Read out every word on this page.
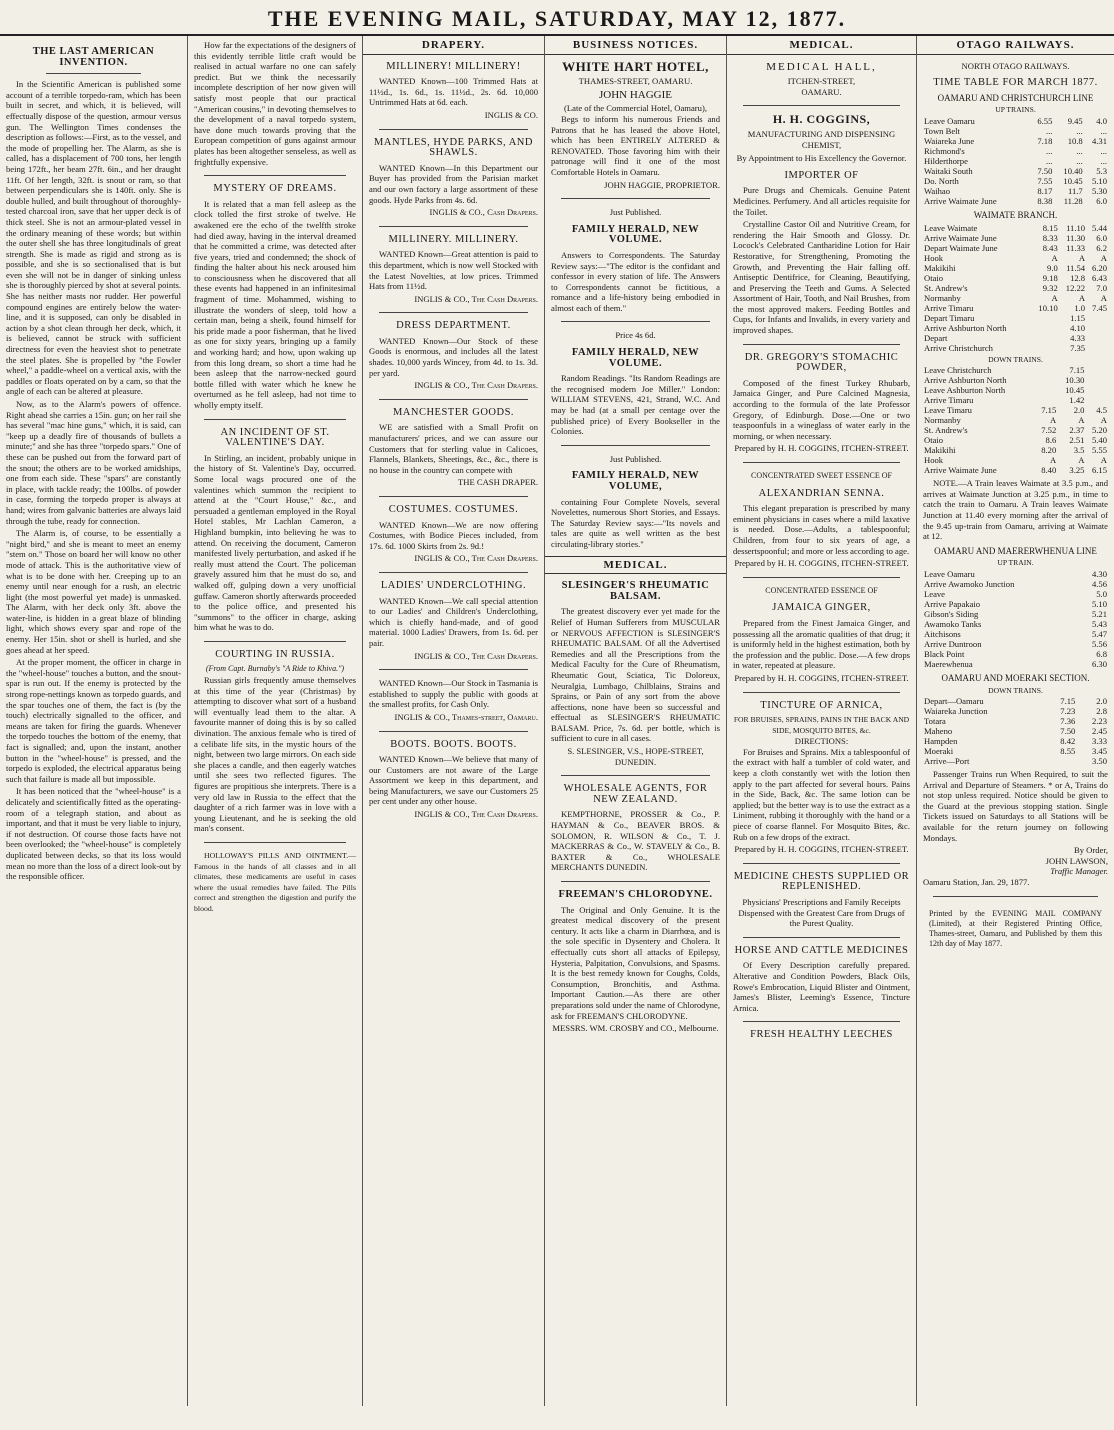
THE EVENING MAIL, SATURDAY, MAY 12, 1877.
THE LAST AMERICAN INVENTION.

In the Scientific American is published some account of a terrible torpedo-ram, which has been built in secret, and which, it is believed, will effectually dispose of the question, armour versus gun. The Wellington Times condenses the description as follows:—First, as to the vessel, and the mode of propelling her. The Alarm, as she is called, has a displacement of 700 tons, her length being 172ft., her beam 27ft. 6in., and her draught 11ft. Of her length, 32ft. is snout or ram, so that between perpendiculars she is 140ft. only. She is double hulled, and built throughout of thoroughly-tested charcoal iron, save that her upper deck is of thick steel. She is not an armour-plated vessel in the ordinary meaning of these words; but within the outer shell she has three longitudinals of great strength. She is made as rigid and strong as is possible, and she is so sectionalised that is but even she will not be in danger of sinking unless she is thoroughly pierced by shot at several points. She has neither masts nor rudder. Her powerful compound engines are entirely below the water-line, and it is supposed, can only be disabled in action by a shot clean through her deck, which, it is believed, cannot be struck with sufficient directness for even the heaviest shot to penetrate the steel plates. She is propelled by "the Fowler wheel," a paddle-wheel on a vertical axis, with the paddles or floats operated on by a cam, so that the angle of each can be altered at pleasure.

Now, as to the Alarm's powers of offence. Right ahead she carries a 15in. gun; on her rail she has several "mac hine guns," which, it is said, can "keep up a deadly fire of thousands of bullets a minute;" and she has three "torpedo spars." One of these can be pushed out from the forward part of the snout; the others are to be worked amidships, one from each side. These "spars" are constantly in place, with tackle ready; the 100lbs. of powder in case, forming the torpedo proper is always at hand; wires from galvanic batteries are always laid through the tube, ready for connection.

The Alarm is, of course, to be essentially a "night bird," and she is meant to meet an enemy "stem on." Those on board her will know no other mode of attack. This is the authoritative view of what is to be done with her. Creeping up to an enemy until near enough for a rush, an electric light (the most powerful yet made) is unmasked. The Alarm, with her deck only 3ft. above the water-line, is hidden in a great blaze of blinding light, which shows every spar and rope of the enemy. Her 15in. shot or shell is hurled, and she goes ahead at her speed.

At the proper moment, the officer in charge in the "wheel-house" touches a button, and the snout-spar is run out. If the enemy is protected by the strong rope-nettings known as torpedo guards, and the spar touches one of them, the fact is (by the touch) electrically signalled to the officer, and means are taken for firing the guards. Whenever the torpedo touches the bottom of the enemy, that fact is signalled; and, upon the instant, another button in the "wheel-house" is pressed, and the torpedo is exploded, the electrical apparatus being such that failure is made all but impossible.

It has been noticed that the "wheel-house" is a delicately and scientifically fitted as the operating-room of a telegraph station, and about as important, and that it must be very liable to injury, if not destruction. Of course those facts have not been overlooked; the "wheel-house" is completely duplicated between decks, so that its loss would mean no more than the loss of a direct look-out by the responsible officer.

How far the expectations of the designers of this evidently terrible little craft would be realised in actual warfare no one can safely predict. But we think the necessarily incomplete description of her now given will satisfy most people that our practical "American cousins," in devoting themselves to the development of a naval torpedo system, have done much towards proving that the European competition of guns against armour plates has been altogether senseless, as well as frightfully expensive.

MYSTERY OF DREAMS.

It is related that a man fell asleep as the clock tolled the first stroke of twelve. He awakened ere the echo of the twelfth stroke had died away, having in the interval dreamed that he committed a crime, was detected after five years, tried and condemned; the shock of finding the halter about his neck aroused him to consciousness when he discovered that all these events had happened in an infinitesimal fragment of time. Mohammed, wishing to illustrate the wonders of sleep, told how a certain man, being a sheik, found himself for his pride made a poor fisherman, that he lived as one for sixty years, bringing up a family and working hard; and how, upon waking up from this long dream, so short a time had he been asleep that the narrow-necked gourd bottle filled with water which he knew he overturned as he fell asleep, had not time to wholly empty itself.

AN INCIDENT OF ST. VALENTINE'S DAY.

In Stirling, an incident, probably unique in the history of St. Valentine's Day, occurred. Some local wags procured one of the valentines which summon the recipient to attend at the "Court House," &c., and persuaded a gentleman employed in the Royal Hotel stables, Mr Lachlan Cameron, a Highland bumpkin, into believing he was to attend. On receiving the document, Cameron manifested lively perturbation, and asked if he really must attend the Court. The policeman gravely assured him that he must do so, and walked off, gulping down a very unofficial guffaw. Cameron shortly afterwards proceeded to the police office, and presented his "summons" to the officer in charge, asking him what he was to do.

COURTING IN RUSSIA.
(From Capt. Burnaby's "A Ride to Khiva.")

Russian girls frequently amuse themselves at this time of the year (Christmas) by attempting to discover what sort of a husband will eventually lead them to the altar. A favourite manner of doing this is by so called divination. The anxious female who is tired of a celibate life sits, in the mystic hours of the night, between two large mirrors. On each side she places a candle, and then eagerly watches until she sees two reflected figures. The figures are propitious she interprets. There is a very old law in Russia to the effect that the daughter of a rich farmer was in love with a young Lieutenant, and he is seeking the old man's consent.

HOLLOWAY'S PILLS AND OINTMENT.—Famous in the hands of all classes and in all climates, these medicaments are useful in cases where the usual remedies have failed. The Pills correct and strengthen the digestion and purify the blood.

DRAPERY.
MILLINERY! MILLINERY!

WANTED Known—100 Trimmed Hats at 11½d., 1s. 6d., 1s. 11½d., 2s. 6d. 10,000 Untrimmed Hats at 6d. each.

INGLIS & CO.
MANTLES, HYDE PARKS, AND SHAWLS.

WANTED Known—In this Department our Buyer has provided from the Parisian market and our own factory a large assortment of these goods. Hyde Parks from 4s. 6d.

INGLIS & CO., Cash Drapers.
MILLINERY. MILLINERY.

WANTED Known—Great attention is paid to this department, which is now well Stocked with the Latest Novelties, at low prices. Trimmed Hats from 11½d.

INGLIS & CO., The Cash Drapers.
DRESS DEPARTMENT.

WANTED Known—Our Stock of these Goods is enormous, and includes all the latest shades. 10,000 yards Wincey, from 4d. to 1s. 3d. per yard.

INGLIS & CO., The Cash Drapers.
MANCHESTER GOODS.

WE are satisfied with a Small Profit on manufacturers' prices, and we can assure our Customers that for sterling value in Calicoes, Flannels, Blankets, Sheetings, &c., &c., there is no house in the country can compete with

THE CASH DRAPER.
COSTUMES. COSTUMES.

WANTED Known—We are now offering Costumes, with Bodice Pieces included, from 17s. 6d. 1000 Skirts from 2s. 9d.!

INGLIS & CO., The Cash Drapers.
LADIES' UNDERCLOTHING.

WANTED Known—We call special attention to our Ladies' and Children's Underclothing, which is chiefly hand-made, and of good material. 1000 Ladies' Drawers, from 1s. 6d. per pair.

INGLIS & CO., The Cash Drapers.

WANTED Known—Our Stock in Tasmania is established to supply the public with goods at the smallest profits, for Cash Only.

INGLIS & CO., Thames-street, Oamaru.
BOOTS. BOOTS. BOOTS.

WANTED Known—We believe that many of our Customers are not aware of the Large Assortment we keep in this department, and being Manufacturers, we save our Customers 25 per cent under any other house.

INGLIS & CO., The Cash Drapers.
BUSINESS NOTICES.
WHITE HART HOTEL,
THAMES-STREET, OAMARU.
JOHN HAGGIE
(Late of the Commercial Hotel, Oamaru),

Begs to inform his numerous Friends and Patrons that he has leased the above Hotel, which has been ENTIRELY ALTERED & RENOVATED. Those favoring him with their patronage will find it one of the most Comfortable Hotels in Oamaru.

JOHN HAGGIE, PROPRIETOR.
Just Published.
FAMILY HERALD, NEW VOLUME.

Answers to Correspondents. The Saturday Review says:—"The editor is the confidant and confessor in every station of life. The Answers to Correspondents cannot be fictitious, a romance and a life-history being embodied in almost each of them."

Price 4s 6d.
FAMILY HERALD, NEW VOLUME.

Random Readings. "Its Random Readings are the recognised modern Joe Miller." London: WILLIAM STEVENS, 421, Strand, W.C. And may be had (at a small per centage over the published price) of Every Bookseller in the Colonies.

Just Published.
FAMILY HERALD, NEW VOLUME,

containing Four Complete Novels, several Novelettes, numerous Short Stories, and Essays. The Saturday Review says:—"Its novels and tales are quite as well written as the best circulating-library stories."

MEDICAL.
SLESINGER'S RHEUMATIC BALSAM.

The greatest discovery ever yet made for the Relief of Human Sufferers from MUSCULAR or NERVOUS AFFECTION is SLESINGER'S RHEUMATIC BALSAM. Of all the Advertised Remedies and all the Prescriptions from the Medical Faculty for the Cure of Rheumatism, Rheumatic Gout, Sciatica, Tic Doloreux, Neuralgia, Lumbago, Chilblains, Strains and Sprains, or Pain of any sort from the above affections, none have been so successful and effectual as SLESINGER'S RHEUMATIC BALSAM. Price, 7s. 6d. per bottle, which is sufficient to cure in all cases.

S. SLESINGER, V.S., HOPE-STREET, DUNEDIN.
WHOLESALE AGENTS, FOR NEW ZEALAND.

KEMPTHORNE, PROSSER & Co., P. HAYMAN & Co., BEAVER BROS. & SOLOMON, R. WILSON & Co., T. J. MACKERRAS & Co., W. STAVELY & Co., B. BAXTER & Co., WHOLESALE MERCHANTS DUNEDIN.

FREEMAN'S CHLORODYNE.

The Original and Only Genuine. It is the greatest medical discovery of the present century. It acts like a charm in Diarrhœa, and is the sole specific in Dysentery and Cholera. It effectually cuts short all attacks of Epilepsy, Hysteria, Palpitation, Convulsions, and Spasms. It is the best remedy known for Coughs, Colds, Consumption, Bronchitis, and Asthma. Important Caution.—As there are other preparations sold under the name of Chlorodyne, ask for FREEMAN'S CHLORODYNE.

MESSRS. WM. CROSBY and CO., Melbourne.
MEDICAL.
MEDICAL HALL,
ITCHEN-STREET,
OAMARU.
H. H. COGGINS,
MANUFACTURING AND DISPENSING CHEMIST,
By Appointment to His Excellency the Governor.
IMPORTER OF

Pure Drugs and Chemicals. Genuine Patent Medicines. Perfumery. And all articles requisite for the Toilet.

Crystalline Castor Oil and Nutritive Cream, for rendering the Hair Smooth and Glossy. Dr. Locock's Celebrated Cantharidine Lotion for Hair Restorative, for Strengthening, Promoting the Growth, and Preventing the Hair falling off. Antiseptic Dentifrice, for Cleaning, Beautifying, and Preserving the Teeth and Gums. A Selected Assortment of Hair, Tooth, and Nail Brushes, from the most approved makers. Feeding Bottles and Cups, for Infants and Invalids, in every variety and improved shapes.

DR. GREGORY'S STOMACHIC POWDER,

Composed of the finest Turkey Rhubarb, Jamaica Ginger, and Pure Calcined Magnesia, according to the formula of the late Professor Gregory, of Edinburgh. Dose.—One or two teaspoonfuls in a wineglass of water early in the morning, or when necessary.

Prepared by H. H. COGGINS, ITCHEN-STREET.
CONCENTRATED SWEET ESSENCE OF
ALEXANDRIAN SENNA.

This elegant preparation is prescribed by many eminent physicians in cases where a mild laxative is needed. Dose.—Adults, a tablespoonful; Children, from four to six years of age, a dessertspoonful; and more or less according to age.

Prepared by H. H. COGGINS, ITCHEN-STREET.
CONCENTRATED ESSENCE OF
JAMAICA GINGER,

Prepared from the Finest Jamaica Ginger, and possessing all the aromatic qualities of that drug; it is uniformly held in the highest estimation, both by the profession and the public. Dose.—A few drops in water, repeated at pleasure.

Prepared by H. H. COGGINS, ITCHEN-STREET.
TINCTURE OF ARNICA,
FOR BRUISES, SPRAINS, PAINS IN THE BACK AND SIDE, MOSQUITO BITES, &c.
DIRECTIONS:

For Bruises and Sprains. Mix a tablespoonful of the extract with half a tumbler of cold water, and keep a cloth constantly wet with the lotion then apply to the part affected for several hours. Pains in the Side, Back, &c. The same lotion can be applied; but the better way is to use the extract as a Liniment, rubbing it thoroughly with the hand or a piece of coarse flannel. For Mosquito Bites, &c. Rub on a few drops of the extract.

Prepared by H. H. COGGINS, ITCHEN-STREET.
MEDICINE CHESTS SUPPLIED OR REPLENISHED.

Physicians' Prescriptions and Family Receipts Dispensed with the Greatest Care from Drugs of the Purest Quality.

HORSE AND CATTLE MEDICINES

Of Every Description carefully prepared. Alterative and Condition Powders, Black Oils, Rowe's Embrocation, Liquid Blister and Ointment, James's Blister, Leeming's Essence, Tincture Arnica.

FRESH HEALTHY LEECHES
OTAGO RAILWAYS.
NORTH OTAGO RAILWAYS.
TIME TABLE FOR MARCH 1877.
OAMARU AND CHRISTCHURCH LINE
UP TRAINS.
Leave Oamaru	6.55	9.45	4.0
Town Belt	...	...	...
Waiareka June	7.18	10.8	4.31
Richmond's	...	...	...
Hilderthorpe	...	...	...
Waitaki South	7.50	10.40	5.3
Do. North	7.55	10.45	5.10
Waihao	8.17	11.7	5.30
Arrive Waimate June	8.38	11.28	6.0
WAIMATE BRANCH.
Leave Waimate	8.15	11.10	5.44
Arrive Waimate June	8.33	11.30	6.0
Depart Waimate June	8.43	11.33	6.2
Hook	A	A	A
Makikihi	9.0	11.54	6.20
Otaio	9.18	12.8	6.43
St. Andrew's	9.32	12.22	7.0
Normanby	A	A	A
Arrive Timaru	10.10	1.0	7.45
Depart Timaru		1.15	
Arrive Ashburton North		4.10	
Depart		4.33	
Arrive Christchurch		7.35	
DOWN TRAINS.
Leave Christchurch		7.15	
Arrive Ashburton North		10.30	
Leave Ashburton North		10.45	
Arrive Timaru		1.42	
Leave Timaru	7.15	2.0	4.5
Normanby	A	A	A
St. Andrew's	7.52	2.37	5.20
Otaio	8.6	2.51	5.40
Makikihi	8.20	3.5	5.55
Hook	A	A	A
Arrive Waimate June	8.40	3.25	6.15

NOTE.—A Train leaves Waimate at 3.5 p.m., and arrives at Waimate Junction at 3.25 p.m., in time to catch the train to Oamaru. A Train leaves Waimate Junction at 11.40 every morning after the arrival of the 9.45 up-train from Oamaru, arriving at Waimate at 12.

OAMARU AND MAERERWHENUA LINE
UP TRAIN.
Leave Oamaru	4.30
Arrive Awamoko Junction	4.56
Leave	5.0
Arrive Papakaio	5.10
Gibson's Siding	5.21
Awamoko Tanks	5.43
Aitchisons	5.47
Arrive Duntroon	5.56
Black Point	6.8
Maerewhenua	6.30
OAMARU AND MOERAKI SECTION.
DOWN TRAINS.
Depart—Oamaru	7.15	2.0
Waiareka Junction	7.23	2.8
Totara	7.36	2.23
Maheno	7.50	2.45
Hampden	8.42	3.33
Moeraki	8.55	3.45
Arrive—Port		3.50

Passenger Trains run When Required, to suit the Arrival and Departure of Steamers. * or A, Trains do not stop unless required. Notice should be given to the Guard at the previous stopping station. Single Tickets issued on Saturdays to all Stations will be available for the return journey on following Mondays.

By Order,
JOHN LAWSON,
Traffic Manager.
Oamaru Station, Jan. 29, 1877.
Printed by the EVENING MAIL COMPANY (Limited), at their Registered Printing Office, Thames-street, Oamaru, and Published by them this 12th day of May 1877.
